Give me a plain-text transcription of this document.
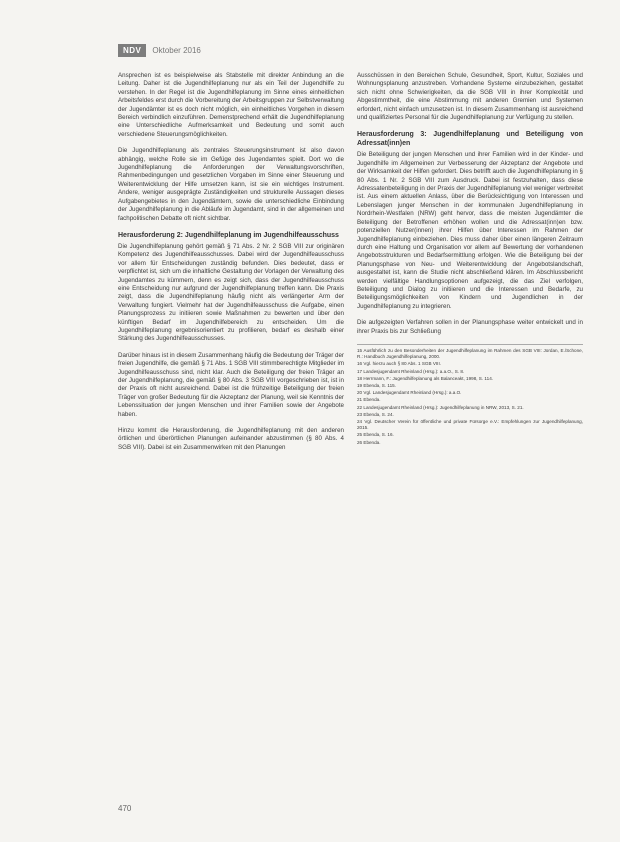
NDV	Oktober 2016

Ansprechen ist es beispielweise als Stabstelle mit direkter Anbindung an die Leitung. Daher ist die Jugendhilfeplanung nur als ein Teil der Jugendhilfe zu verstehen. In der Regel ist die Jugendhilfeplanung im Sinne eines einheitlichen Arbeitsfeldes erst durch die Vorbereitung der Arbeitsgruppen zur Selbstverwaltung der Jugendämter ist es doch nicht möglich, ein einheitliches Vorgehen in diesem Bereich verbindlich einzuführen. Demenstprechend erhält die Jugendhilfeplanung eine Unterschiedliche Aufmerksamkeit und Bedeutung und somit auch verschiedene Steuerungsmöglichkeiten.

Die Jugendhilfeplanung als zentrales Steuerungsinstrument ist also davon abhängig, welche Rolle sie im Gefüge des Jugendamtes spielt. Dort wo die Jugendhilfeplanung die Anforderungen der Verwaltungsvorschriften, Rahmenbedingungen und gesetzlichen Vorgaben im Sinne einer Steuerung und Weiterentwicklung der Hilfe umsetzen kann, ist sie ein wichtiges Instrument. Andere, weniger ausgeprägte Zuständigkeiten und strukturelle Aussagen dieses Aufgabengebietes in den Jugendämtern, sowie die unterschiedliche Einbindung der Jugendhilfeplanung in die Abläufe im Jugendamt, sind in der allgemeinen und fachpolitischen Debatte oft nicht sichtbar.

Herausforderung 2: Jugendhilfeplanung im Jugendhilfeausschuss

Die Jugendhilfeplanung gehört gemäß § 71 Abs. 2 Nr. 2 SGB VIII zur originären Kompetenz des Jugendhilfeausschusses. Dabei wird der Jugendhilfeausschuss vor allem für Entscheidungen zuständig befunden. Dies bedeutet, dass er verpflichtet ist, sich um die inhaltliche Gestaltung der Vorlagen der Verwaltung des Jugendamtes zu kümmern, denn es zeigt sich, dass der Jugendhilfeausschuss eine Entscheidung nur aufgrund der Jugendhilfeplanung treffen kann. Die Praxis zeigt, dass die Jugendhilfeplanung häufig nicht als verlängerter Arm der Verwaltung fungiert. Vielmehr hat der Jugendhilfeausschuss die Aufgabe, einen Planungsprozess zu initiieren sowie Maßnahmen zu bewerten und über den künftigen Bedarf im Jugendhilfebereich zu entscheiden. Um die Jugendhilfeplanung ergebnisorientiert zu profilieren, bedarf es deshalb einer Stärkung des Jugendhilfeausschusses.

Darüber hinaus ist in diesem Zusammenhang häufig die Bedeutung der Träger der freien Jugendhilfe, die gemäß § 71 Abs. 1 SGB VIII stimmberechtigte Mitglieder im Jugendhilfeausschuss sind, nicht klar. Auch die Beteiligung der freien Träger an der Jugendhilfeplanung, die gemäß § 80 Abs. 3 SGB VIII vorgeschrieben ist, ist in der Praxis oft nicht ausreichend. Dabei ist die frühzeitige Beteiligung der freien Träger von großer Bedeutung für die Akzeptanz der Planung, weil sie Kenntnis der Lebenssituation der jungen Menschen und ihrer Familien sowie der Angebote haben.

Hinzu kommt die Herausforderung, die Jugendhilfeplanung mit den anderen örtlichen und überörtlichen Planungen aufeinander abzustimmen (§ 80 Abs. 4 SGB VIII). Dabei ist ein Zusammenwirken mit den Planungen

Ausschüssen in den Bereichen Schule, Gesundheit, Sport, Kultur, Soziales und Wohnungsplanung anzustreben. Vorhandene Systeme einzubeziehen, gestaltet sich nicht ohne Schwierigkeiten, da die SGB VIII in ihrer Komplexität und Abgestimmtheit, die eine Abstimmung mit anderen Gremien und Systemen erfordert, nicht einfach umzusetzen ist. In diesem Zusammenhang ist ausreichend und qualifiziertes Personal für die Jugendhilfeplanung zur Verfügung zu stellen.

Herausforderung 3: Jugendhilfeplanung und Beteiligung von Adressat(inn)en

Die Beteiligung der jungen Menschen und ihrer Familien wird in der Kinder- und Jugendhilfe im Allgemeinen zur Verbesserung der Akzeptanz der Angebote und der Wirksamkeit der Hilfen gefordert. Dies betrifft auch die Jugendhilfeplanung in § 80 Abs. 1 Nr. 2 SGB VIII zum Ausdruck. Dabei ist festzuhalten, dass diese Adressatenbeteiligung in der Praxis der Jugendhilfeplanung viel weniger verbreitet ist. Aus einem aktuellen Anlass, über die Berücksichtigung von Interessen und Lebenslagen junger Menschen in der kommunalen Jugendhilfeplanung in Nordrhein-Westfalen (NRW) geht hervor, dass die meisten Jugendämter die Beteiligung der Betroffenen erhöhen wollen und die Adressat(inn)en bzw. potenziellen Nutzer(innen) ihrer Hilfen über Interessen im Rahmen der Jugendhilfeplanung einbeziehen. Dies muss daher über einen längeren Zeitraum durch eine Haltung und Organisation vor allem auf Bewertung der vorhandenen Angebotsstrukturen und Bedarfsermittlung erfolgen. Wie die Beteiligung bei der Planungsphase von Neu- und Weiterentwicklung der Angebotslandschaft, ausgestaltet ist, kann die Studie nicht abschließend klären. Im Abschlussbericht werden vielfältige Handlungsoptionen aufgezeigt, die das Ziel verfolgen, Beteiligung und Dialog zu initiieren und die Interessen und Bedarfe, zu Beteiligungsmöglichkeiten von Kindern und Jugendlichen in der Jugendhilfeplanung zu integrieren.

Die aufgezeigten Verfahren sollen in der Planungsphase weiter entwickelt und in ihrer Praxis bis zur Schließung

15 Ausführlich zu den Besonderheiten der Jugendhilfeplanung im Rahmen des SGB VIII: Jordan, E./Schone, R.: Handbuch Jugendhilfeplanung, 2000.
16 Vgl. hierzu auch § 80 Abs. 1 SGB VIII.
17 Landesjugendamt Rheinland (Hrsg.): a.a.O., S. 8.
18 Herrmann, F.: Jugendhilfeplanung als Balanceakt, 1998, S. 114.
19 Ebenda, S. 115.
20 Vgl. Landesjugendamt Rheinland (Hrsg.): a.a.O.
21 Ebenda.
22 Landesjugendamt Rheinland (Hrsg.): Jugendhilfeplanung in NRW, 2013, S. 21.
23 Ebenda, S. 24.
24 Vgl. Deutscher Verein für öffentliche und private Fürsorge e.V.: Empfehlungen zur Jugendhilfeplanung, 2015.
25 Ebenda, S. 16.
26 Ebenda.
470
